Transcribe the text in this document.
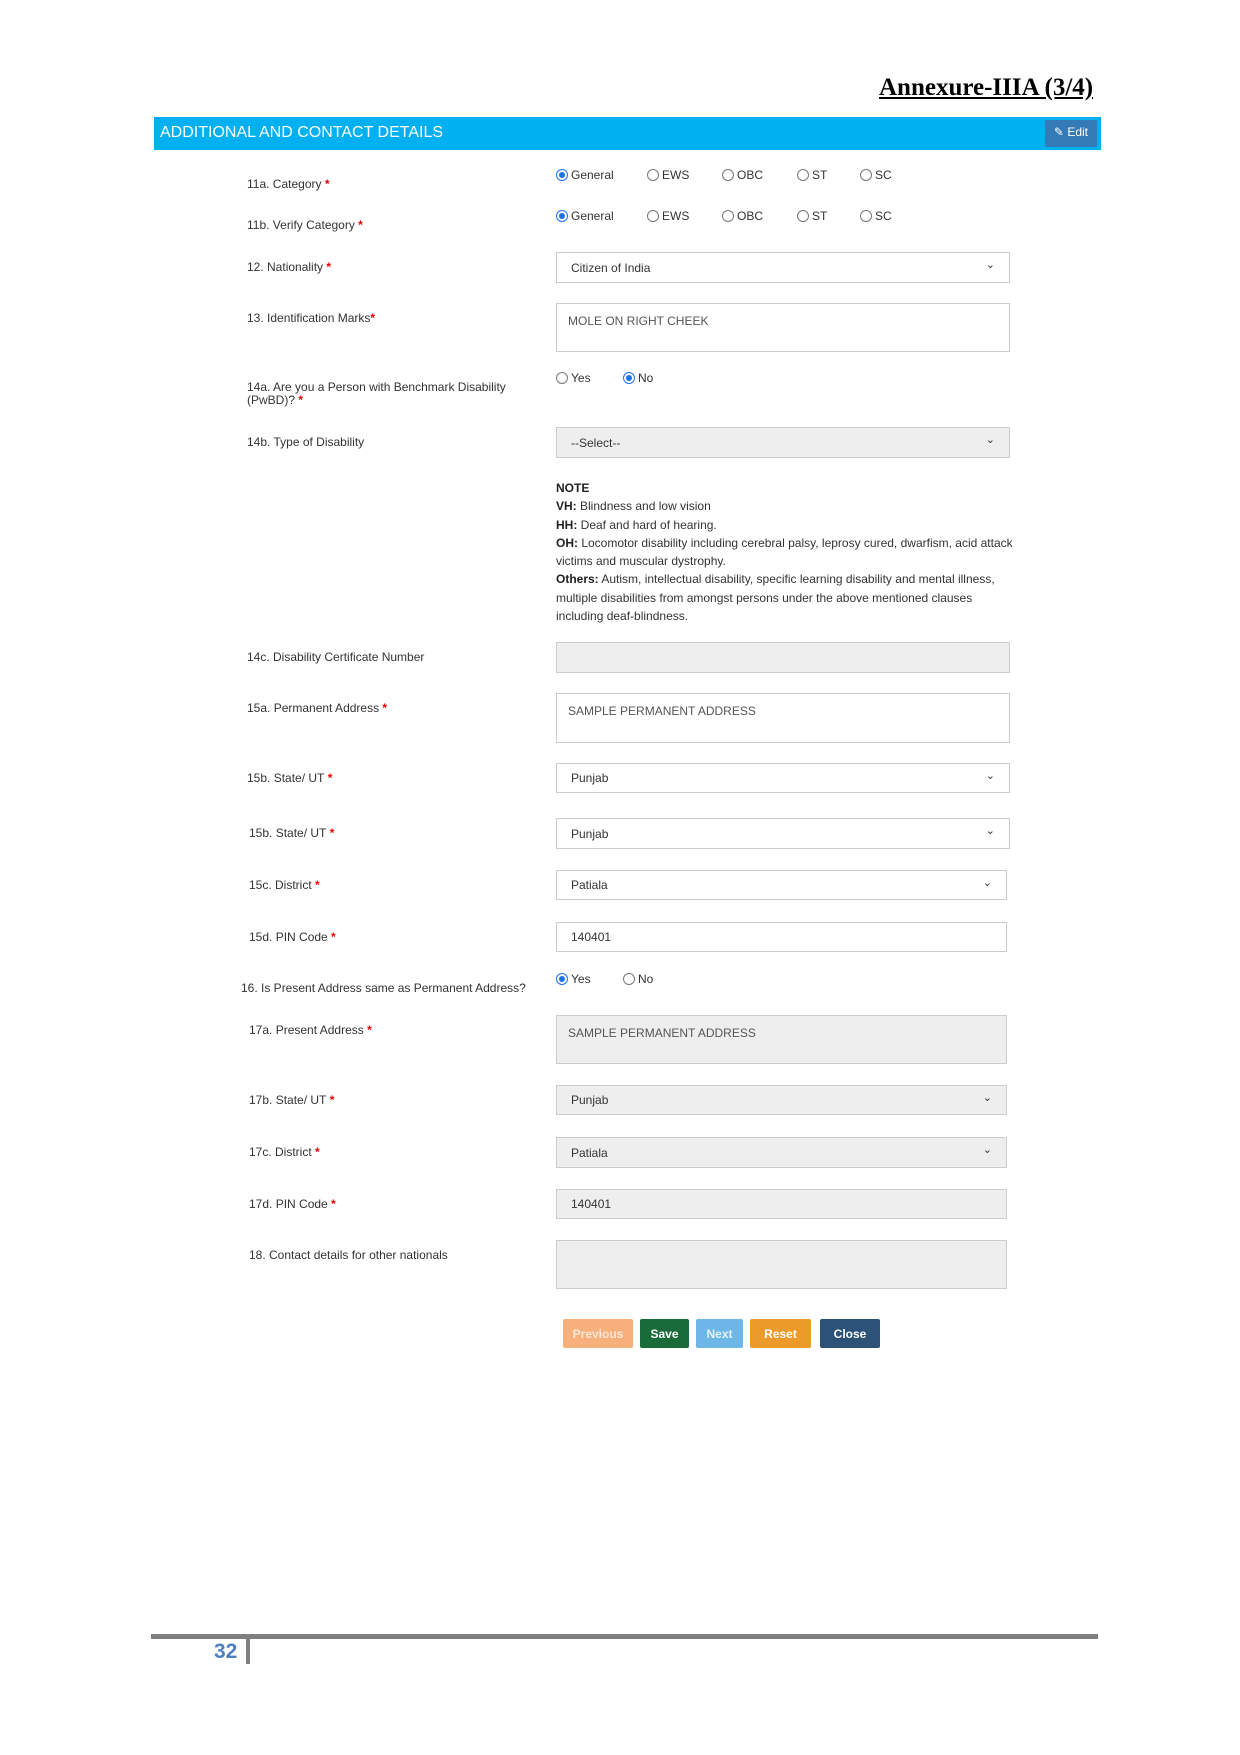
Annexure-IIIA (3/4)
ADDITIONAL AND CONTACT DETAILS	✎ Edit
11a. Category *
General	EWS	OBC	ST	SC
11b. Verify Category *
General	EWS	OBC	ST	SC
12. Nationality *	Citizen of India	⌄
13. Identification Marks*	MOLE ON RIGHT CHEEK
14a. Are you a Person with Benchmark Disability (PwBD)? *
Yes	No
14b. Type of Disability	--Select--	⌄
14c. Disability Certificate Number
15a. Permanent Address *	SAMPLE PERMANENT ADDRESS
15b. State/ UT *	Punjab	⌄
15b. State/ UT *	Punjab	⌄
15c. District *	Patiala	⌄
15d. PIN Code *	140401
16. Is Present Address same as Permanent Address?
Yes	No
17a. Present Address *	SAMPLE PERMANENT ADDRESS
17b. State/ UT *	Punjab	⌄
17c. District *	Patiala	⌄
17d. PIN Code *	140401
18. Contact details for other nationals
NOTE
VH: Blindness and low vision
HH: Deaf and hard of hearing.
OH: Locomotor disability including cerebral palsy, leprosy cured, dwarfism, acid attack victims and muscular dystrophy.
Others: Autism, intellectual disability, specific learning disability and mental illness, multiple disabilities from amongst persons under the above mentioned clauses including deaf-blindness.
Previous	Save	Next	Reset	Close
32
